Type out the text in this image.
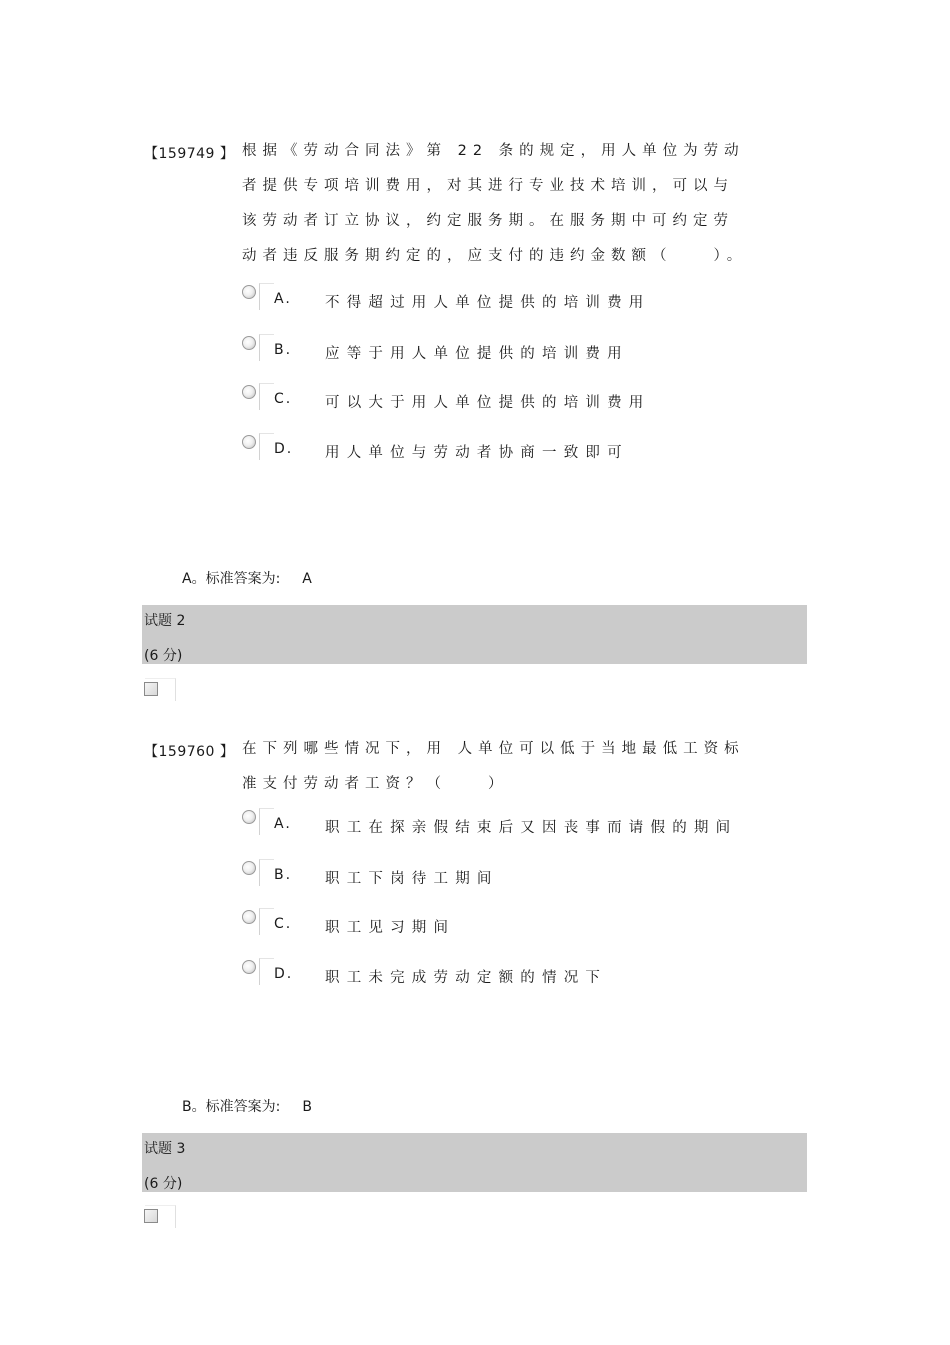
【159749 】 根据《劳动合同法》第 22 条的规定，用人单位为劳动
者提供专项培训费用，对其进行专业技术培训，可以与
该劳动者订立协议，约定服务期。在服务期中可约定劳
动者违反服务期约定的，应支付的违约金数额（　　）。
A. 不得超过用人单位提供的培训费用
B. 应等于用人单位提供的培训费用
C. 可以大于用人单位提供的培训费用
D. 用人单位与劳动者协商一致即可
A。标准答案为: A
试题 2
(6 分)
【159760 】 在下列哪些情况下，用 人单位可以低于当地最低工资标
准支付劳动者工资？（　　）
A. 职工在探亲假结束后又因丧事而请假的期间
B. 职工下岗待工期间
C. 职工见习期间
D. 职工未完成劳动定额的情况下
B。标准答案为: B
试题 3
(6 分)
